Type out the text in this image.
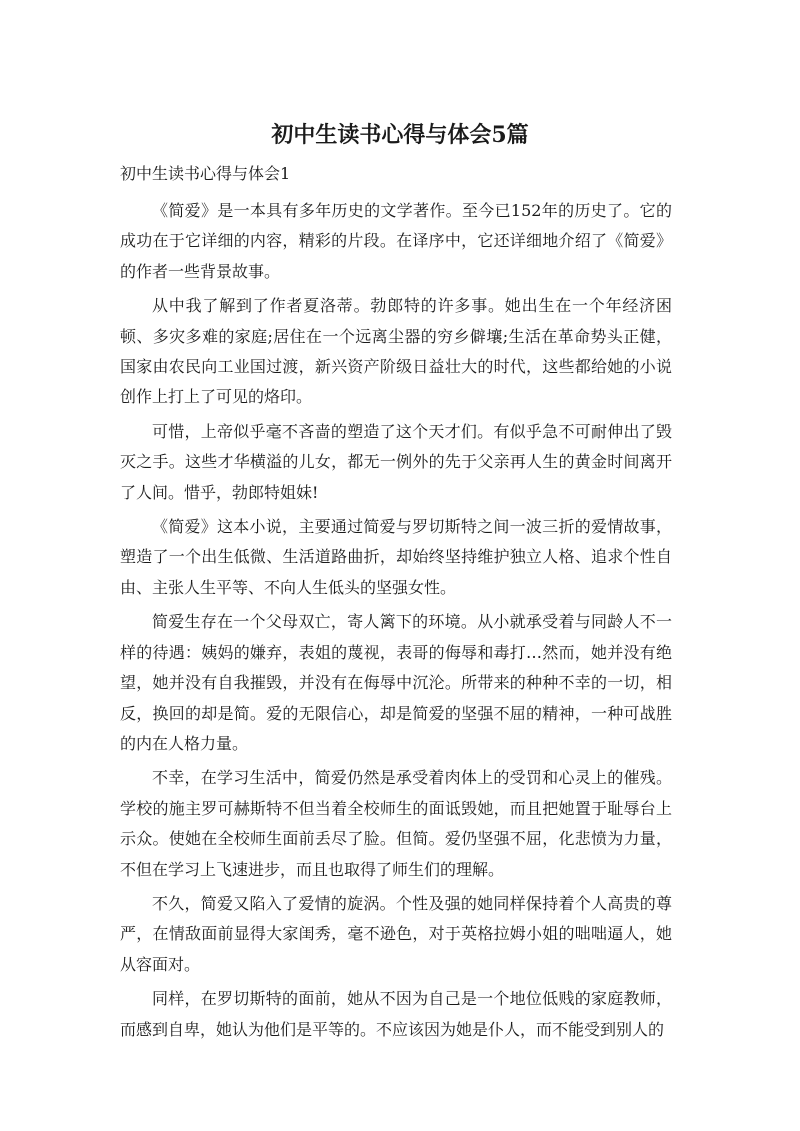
初中生读书心得与体会5篇

初中生读书心得与体会1

《简爱》是一本具有多年历史的文学著作。至今已152年的历史了。它的成功在于它详细的内容，精彩的片段。在译序中，它还详细地介绍了《简爱》的作者一些背景故事。

从中我了解到了作者夏洛蒂。勃郎特的许多事。她出生在一个年经济困顿、多灾多难的家庭;居住在一个远离尘器的穷乡僻壤;生活在革命势头正健，国家由农民向工业国过渡，新兴资产阶级日益壮大的时代，这些都给她的小说创作上打上了可见的烙印。

可惜，上帝似乎毫不吝啬的塑造了这个天才们。有似乎急不可耐伸出了毁灭之手。这些才华横溢的儿女，都无一例外的先于父亲再人生的黄金时间离开了人间。惜乎，勃郎特姐妹!

《简爱》这本小说，主要通过简爱与罗切斯特之间一波三折的爱情故事，塑造了一个出生低微、生活道路曲折，却始终坚持维护独立人格、追求个性自由、主张人生平等、不向人生低头的坚强女性。

简爱生存在一个父母双亡，寄人篱下的环境。从小就承受着与同龄人不一样的待遇：姨妈的嫌弃，表姐的蔑视，表哥的侮辱和毒打…然而，她并没有绝望，她并没有自我摧毁，并没有在侮辱中沉沦。所带来的种种不幸的一切，相反，换回的却是简。爱的无限信心，却是简爱的坚强不屈的精神，一种可战胜的内在人格力量。

不幸，在学习生活中，简爱仍然是承受着肉体上的受罚和心灵上的催残。学校的施主罗可赫斯特不但当着全校师生的面诋毁她，而且把她置于耻辱台上示众。使她在全校师生面前丢尽了脸。但简。爱仍坚强不屈，化悲愤为力量，不但在学习上飞速进步，而且也取得了师生们的理解。

不久，简爱又陷入了爱情的旋涡。个性及强的她同样保持着个人高贵的尊严，在情敌面前显得大家闺秀，毫不逊色，对于英格拉姆小姐的咄咄逼人，她从容面对。

同样，在罗切斯特的面前，她从不因为自己是一个地位低贱的家庭教师，而感到自卑，她认为他们是平等的。不应该因为她是仆人，而不能受到别人的
